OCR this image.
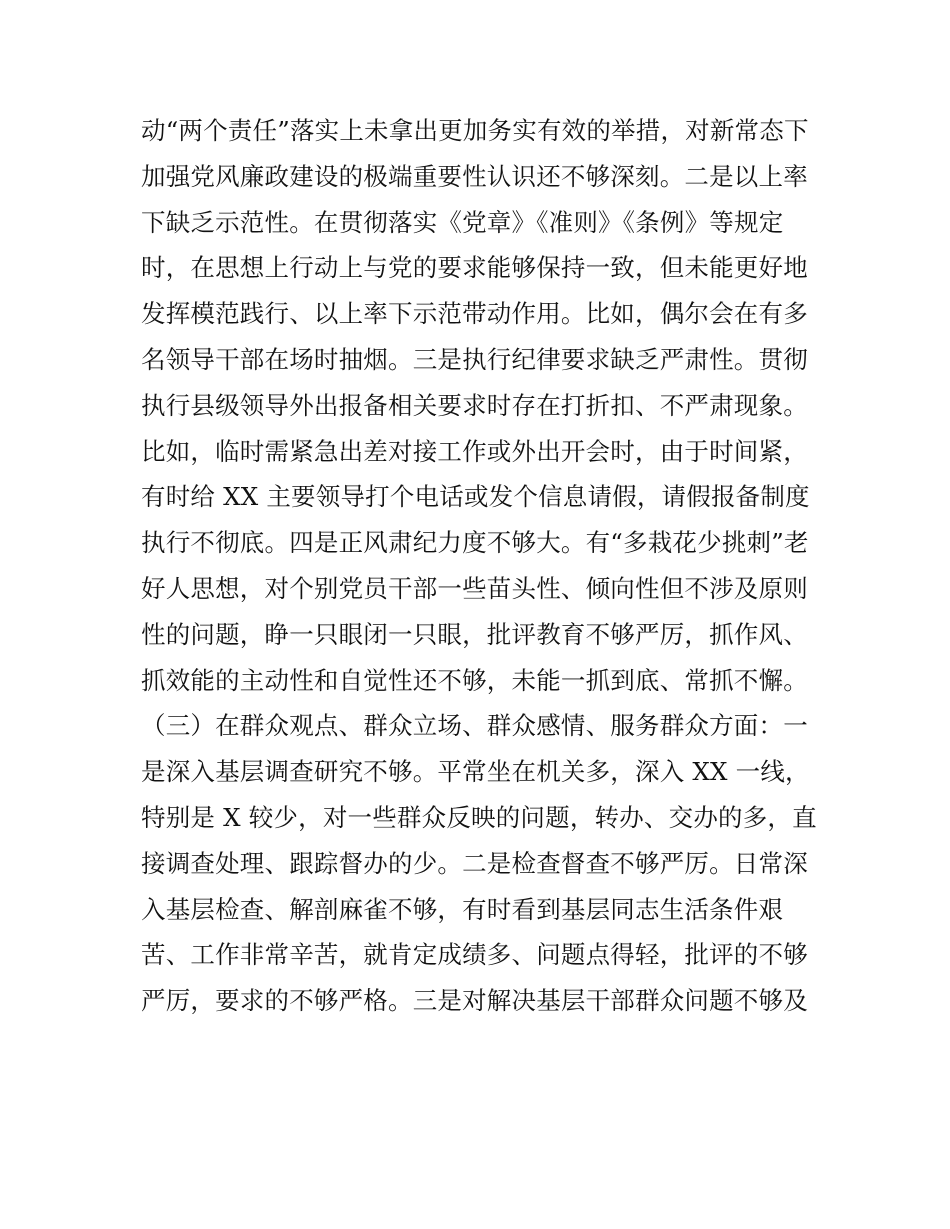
动“两个责任”落实上未拿出更加务实有效的举措，对新常态下
加强党风廉政建设的极端重要性认识还不够深刻。二是以上率
下缺乏示范性。在贯彻落实《党章》《准则》《条例》等规定
时，在思想上行动上与党的要求能够保持一致，但未能更好地
发挥模范践行、以上率下示范带动作用。比如，偶尔会在有多
名领导干部在场时抽烟。三是执行纪律要求缺乏严肃性。贯彻
执行县级领导外出报备相关要求时存在打折扣、不严肃现象。
比如，临时需紧急出差对接工作或外出开会时，由于时间紧，
有时给 XX 主要领导打个电话或发个信息请假，请假报备制度
执行不彻底。四是正风肃纪力度不够大。有“多栽花少挑刺”老
好人思想，对个别党员干部一些苗头性、倾向性但不涉及原则
性的问题，睁一只眼闭一只眼，批评教育不够严厉，抓作风、
抓效能的主动性和自觉性还不够，未能一抓到底、常抓不懈。
（三）在群众观点、群众立场、群众感情、服务群众方面：一
是深入基层调查研究不够。平常坐在机关多，深入 XX 一线，
特别是 X 较少，对一些群众反映的问题，转办、交办的多，直
接调查处理、跟踪督办的少。二是检查督查不够严厉。日常深
入基层检查、解剖麻雀不够，有时看到基层同志生活条件艰
苦、工作非常辛苦，就肯定成绩多、问题点得轻，批评的不够
严厉，要求的不够严格。三是对解决基层干部群众问题不够及
